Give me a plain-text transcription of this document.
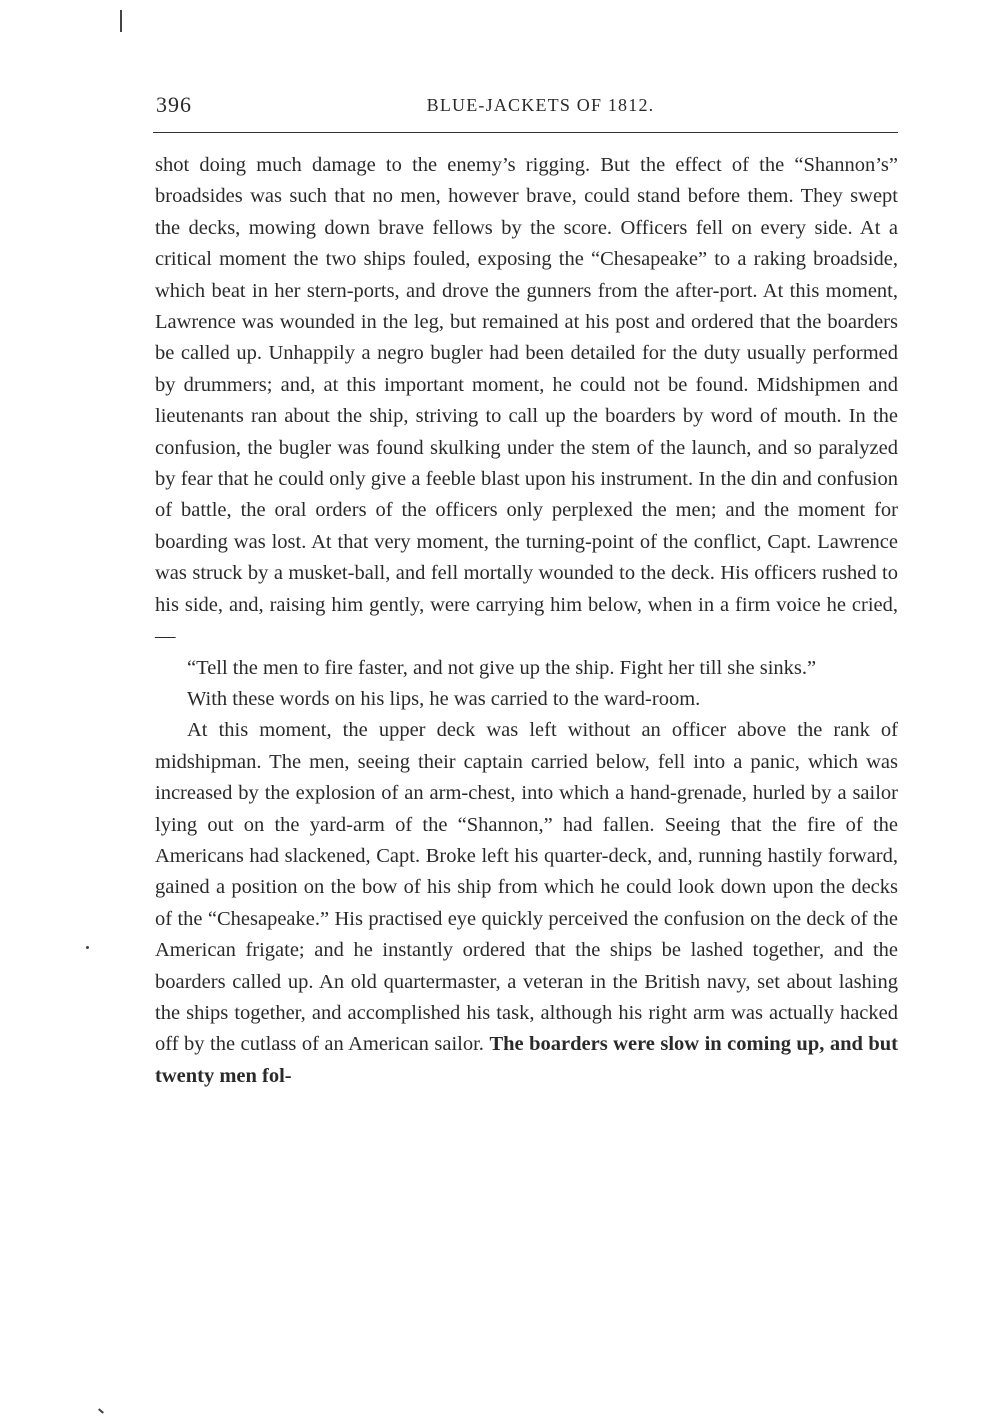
396	BLUE-JACKETS OF 1812.

shot doing much damage to the enemy’s rigging. But the effect of the “Shannon’s” broadsides was such that no men, however brave, could stand before them. They swept the decks, mowing down brave fellows by the score. Officers fell on every side. At a critical moment the two ships fouled, exposing the “Chesapeake” to a raking broadside, which beat in her stern-ports, and drove the gunners from the after-port. At this moment, Lawrence was wounded in the leg, but remained at his post and ordered that the boarders be called up. Unhappily a negro bugler had been detailed for the duty usually performed by drummers; and, at this important moment, he could not be found. Midshipmen and lieutenants ran about the ship, striving to call up the boarders by word of mouth. In the confusion, the bugler was found skulking under the stem of the launch, and so paralyzed by fear that he could only give a feeble blast upon his instrument. In the din and confusion of battle, the oral orders of the officers only perplexed the men; and the moment for boarding was lost. At that very moment, the turning-point of the conflict, Capt. Lawrence was struck by a musket-ball, and fell mortally wounded to the deck. His officers rushed to his side, and, raising him gently, were carrying him below, when in a firm voice he cried, —

“Tell the men to fire faster, and not give up the ship. Fight her till she sinks.”

With these words on his lips, he was carried to the ward-room.

At this moment, the upper deck was left without an officer above the rank of midshipman. The men, seeing their captain carried below, fell into a panic, which was increased by the explosion of an arm-chest, into which a hand-grenade, hurled by a sailor lying out on the yard-arm of the “Shannon,” had fallen. Seeing that the fire of the Americans had slackened, Capt. Broke left his quarter-deck, and, running hastily forward, gained a position on the bow of his ship from which he could look down upon the decks of the “Chesapeake.” His practised eye quickly perceived the confusion on the deck of the American frigate; and he instantly ordered that the ships be lashed together, and the boarders called up. An old quartermaster, a veteran in the British navy, set about lashing the ships together, and accomplished his task, although his right arm was actually hacked off by the cutlass of an American sailor. The boarders were slow in coming up, and but twenty men fol-
